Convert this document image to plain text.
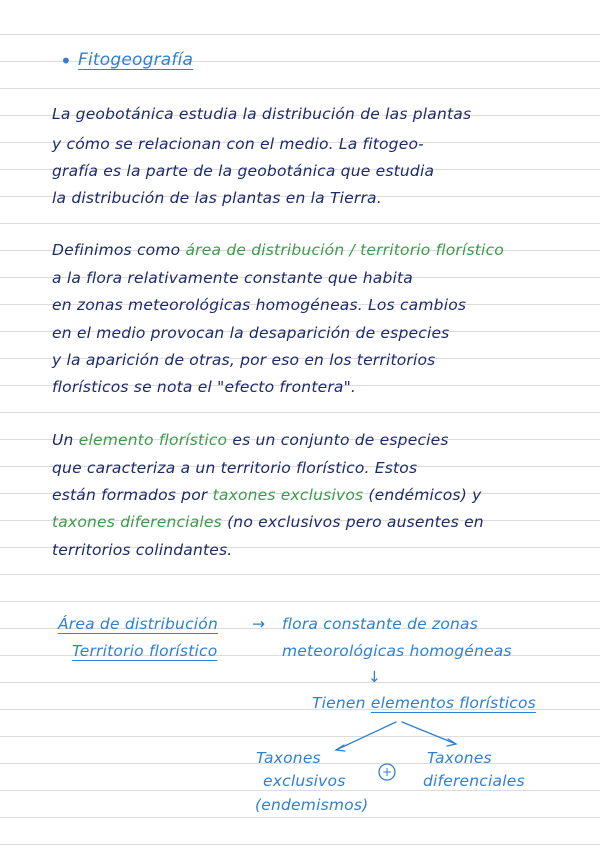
• Fitogeografía
La geobotánica estudia la distribución de las plantas
y cómo se relacionan con el medio. La fitogeo-
grafía es la parte de la geobotánica que estudia
la distribución de las plantas en la Tierra.
Definimos como área de distribución / territorio florístico
a la flora relativamente constante que habita
en zonas meteorológicas homogéneas. Los cambios
en el medio provocan la desaparición de especies
y la aparición de otras, por eso en los territorios
florísticos se nota el "efecto frontera".
Un elemento florístico es un conjunto de especies
que caracteriza a un territorio florístico. Estos
están formados por taxones exclusivos (endémicos) y
taxones diferenciales (no exclusivos pero ausentes en
territorios colindantes.
Área de distribución
Territorio florístico
→ flora constante de zonas
meteorológicas homogéneas
↓
Tienen elementos florísticos
Taxones
exclusivos
(endemismos)
+
Taxones
diferenciales
